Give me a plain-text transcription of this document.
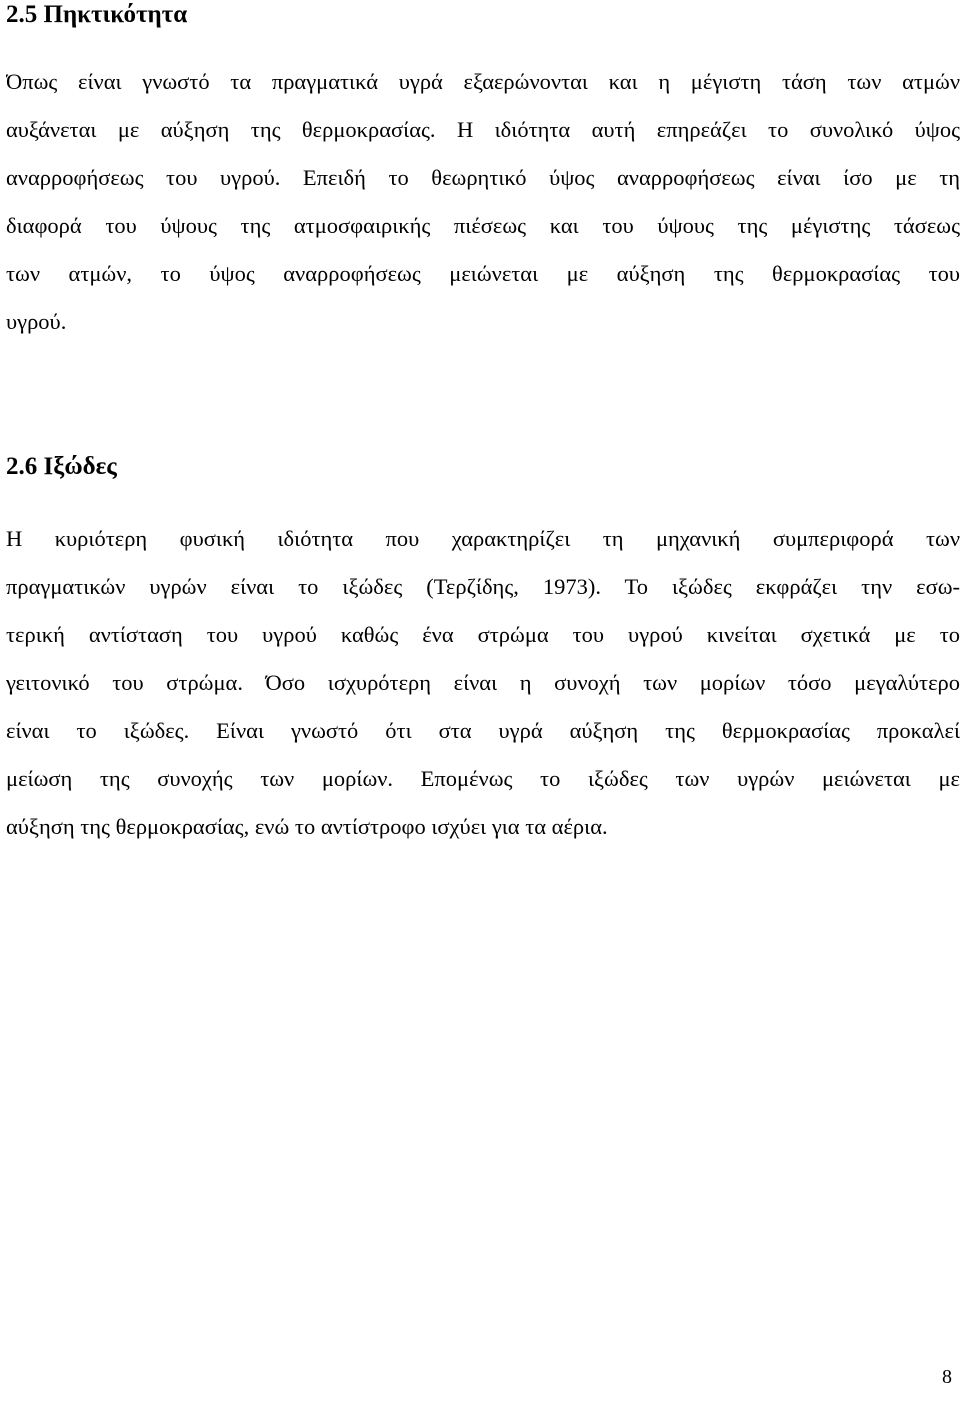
2.5 Πηκτικότητα
Όπως είναι γνωστό τα πραγματικά υγρά εξαερώνονται και η μέγιστη τάση των ατμών
αυξάνεται με αύξηση της θερμοκρασίας. Η ιδιότητα αυτή επηρεάζει το συνολικό ύψος
αναρροφήσεως του υγρού. Επειδή το θεωρητικό ύψος αναρροφήσεως είναι ίσο με τη
διαφορά του ύψους της ατμοσφαιρικής πιέσεως και του ύψους της μέγιστης τάσεως
των ατμών, το ύψος αναρροφήσεως μειώνεται με αύξηση της θερμοκρασίας του
υγρού.
2.6 Ιξώδες
Η κυριότερη φυσική ιδιότητα που χαρακτηρίζει τη μηχανική συμπεριφορά των
πραγματικών υγρών είναι το ιξώδες (Τερζίδης, 1973). Το ιξώδες εκφράζει την εσω-
τερική αντίσταση του υγρού καθώς ένα στρώμα του υγρού κινείται σχετικά με το
γειτονικό του στρώμα. Όσο ισχυρότερη είναι η συνοχή των μορίων τόσο μεγαλύτερο
είναι το ιξώδες. Είναι γνωστό ότι στα υγρά αύξηση της θερμοκρασίας προκαλεί
μείωση της συνοχής των μορίων. Επομένως το ιξώδες των υγρών μειώνεται με
αύξηση της θερμοκρασίας, ενώ το αντίστροφο ισχύει για τα αέρια.
8
